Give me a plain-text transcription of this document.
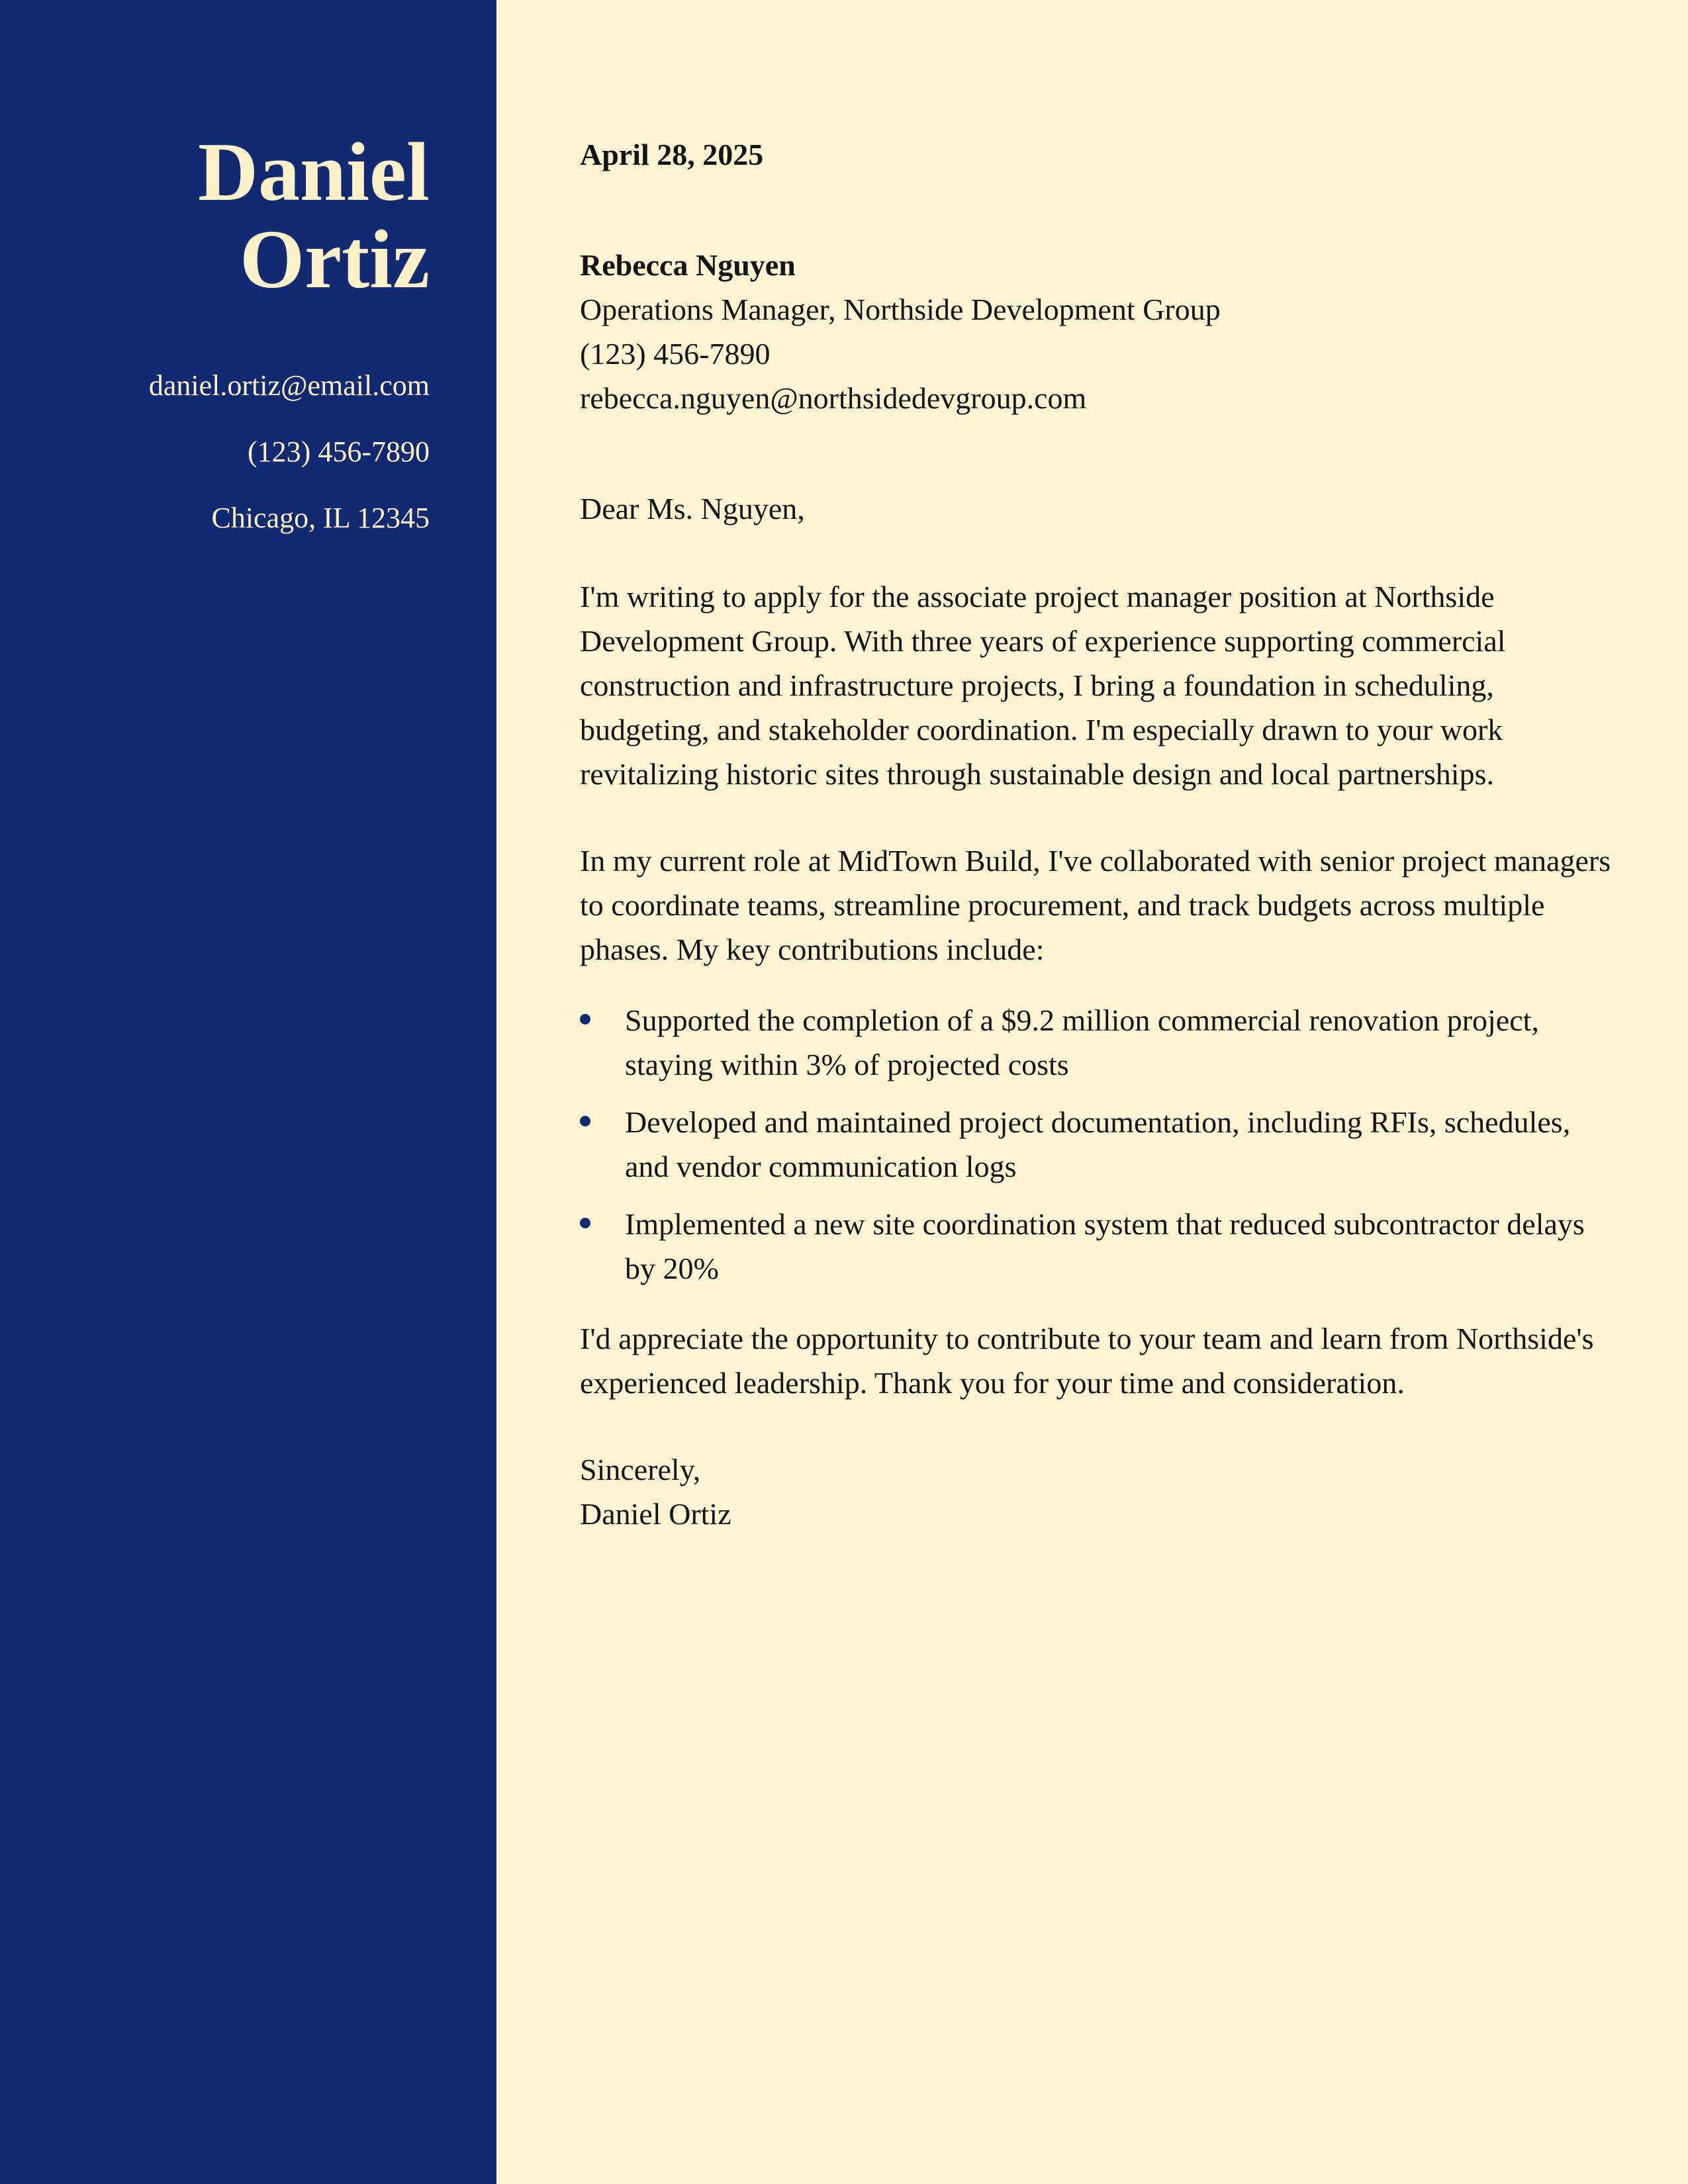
Daniel
Ortiz
daniel.ortiz@email.com
(123) 456-7890
Chicago, IL 12345
April 28, 2025
Rebecca Nguyen
Operations Manager, Northside Development Group
(123) 456-7890
rebecca.nguyen@northsidedevgroup.com
Dear Ms. Nguyen,
I'm writing to apply for the associate project manager position at Northside Development Group. With three years of experience supporting commercial construction and infrastructure projects, I bring a foundation in scheduling, budgeting, and stakeholder coordination. I'm especially drawn to your work revitalizing historic sites through sustainable design and local partnerships.
In my current role at MidTown Build, I've collaborated with senior project managers to coordinate teams, streamline procurement, and track budgets across multiple phases. My key contributions include:
Supported the completion of a $9.2 million commercial renovation project, staying within 3% of projected costs
Developed and maintained project documentation, including RFIs, schedules, and vendor communication logs
Implemented a new site coordination system that reduced subcontractor delays by 20%
I'd appreciate the opportunity to contribute to your team and learn from Northside's experienced leadership. Thank you for your time and consideration.
Sincerely,
Daniel Ortiz
